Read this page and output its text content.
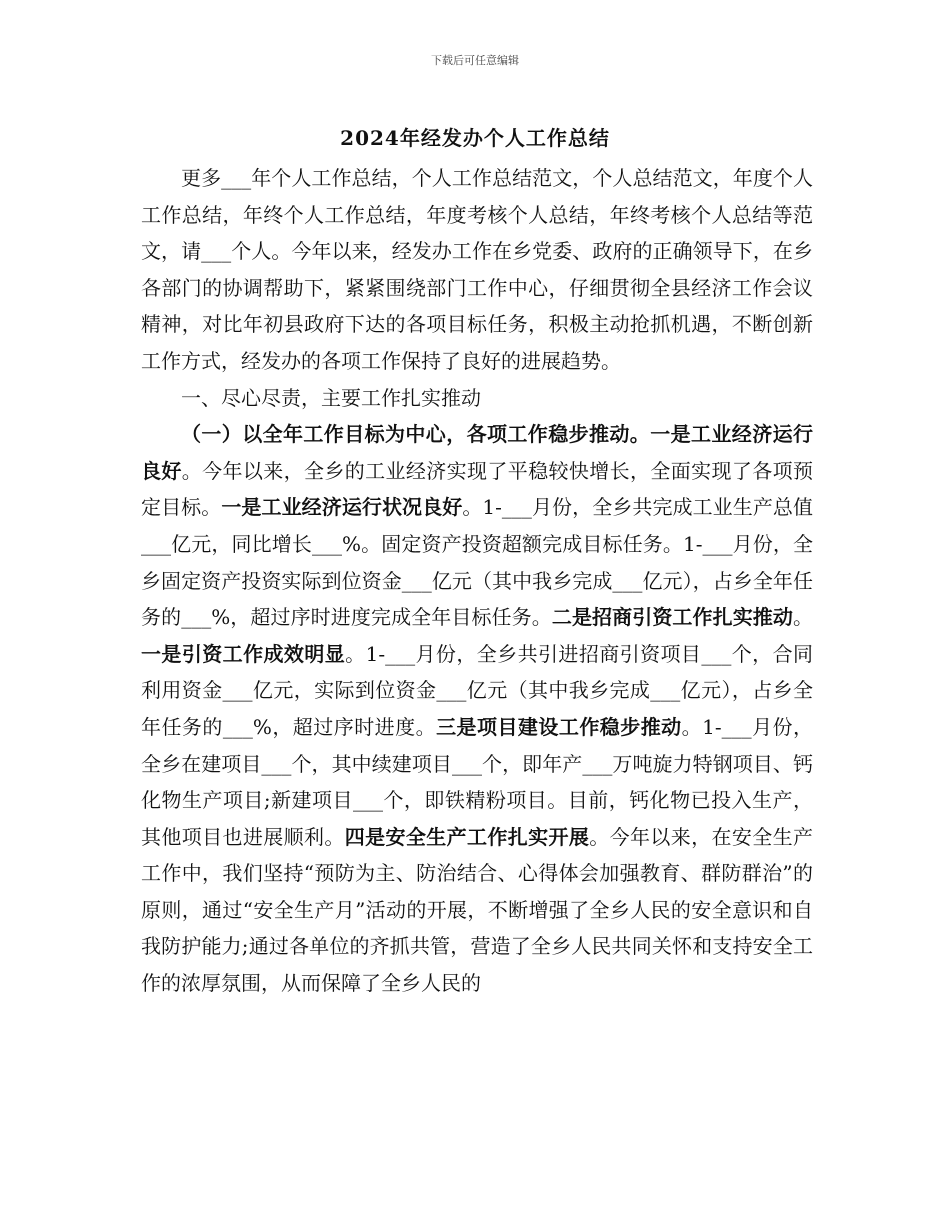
下载后可任意编辑
2024年经发办个人工作总结

更多___年个人工作总结，个人工作总结范文，个人总结范文，年度个人工作总结，年终个人工作总结，年度考核个人总结，年终考核个人总结等范文，请___个人。今年以来，经发办工作在乡党委、政府的正确领导下，在乡各部门的协调帮助下，紧紧围绕部门工作中心，仔细贯彻全县经济工作会议精神，对比年初县政府下达的各项目标任务，积极主动抢抓机遇，不断创新工作方式，经发办的各项工作保持了良好的进展趋势。

一、尽心尽责，主要工作扎实推动

（一）以全年工作目标为中心，各项工作稳步推动。一是工业经济运行良好。今年以来，全乡的工业经济实现了平稳较快增长，全面实现了各项预定目标。一是工业经济运行状况良好。1-___月份，全乡共完成工业生产总值___亿元，同比增长___%。固定资产投资超额完成目标任务。1-___月份，全乡固定资产投资实际到位资金___亿元（其中我乡完成___亿元），占乡全年任务的___%，超过序时进度完成全年目标任务。二是招商引资工作扎实推动。一是引资工作成效明显。1-___月份，全乡共引进招商引资项目___个，合同利用资金___亿元，实际到位资金___亿元（其中我乡完成___亿元），占乡全年任务的___%，超过序时进度。三是项目建设工作稳步推动。1-___月份，全乡在建项目___个，其中续建项目___个，即年产___万吨旋力特钢项目、钙化物生产项目;新建项目___个，即铁精粉项目。目前，钙化物已投入生产，其他项目也进展顺利。四是安全生产工作扎实开展。今年以来，在安全生产工作中，我们坚持“预防为主、防治结合、心得体会加强教育、群防群治”的原则，通过“安全生产月”活动的开展，不断增强了全乡人民的安全意识和自我防护能力;通过各单位的齐抓共管，营造了全乡人民共同关怀和支持安全工作的浓厚氛围，从而保障了全乡人民的
